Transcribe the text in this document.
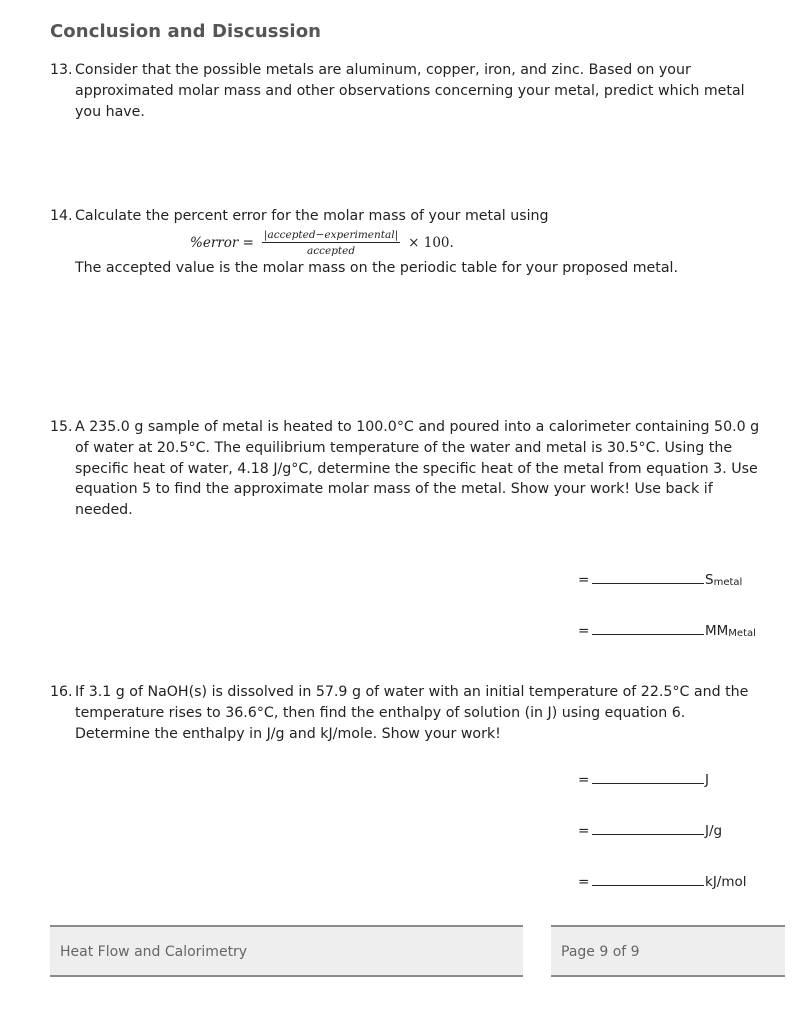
Conclusion and Discussion

13. Consider that the possible metals are aluminum, copper, iron, and zinc. Based on your approximated molar mass and other observations concerning your metal, predict which metal you have.

14. Calculate the percent error for the molar mass of your metal using

%error = $\frac{\text{|accepted−experimental|}}{\text{accepted}} \times 100$.

The accepted value is the molar mass on the periodic table for your proposed metal.

15. A 235.0 g sample of metal is heated to 100.0°C and poured into a calorimeter containing 50.0 g of water at 20.5°C. The equilibrium temperature of the water and metal is 30.5°C. Using the specific heat of water, 4.18 J/g°C, determine the specific heat of the metal from equation 3. Use equation 5 to find the approximate molar mass of the metal. Show your work! Use back if needed.

=	S metal
=	MM Metal

16. If 3.1 g of NaOH(s) is dissolved in 57.9 g of water with an initial temperature of 22.5°C and the temperature rises to 36.6°C, then find the enthalpy of solution (in J) using equation 6. Determine the enthalpy in J/g and kJ/mole. Show your work!

=	J
=	J/g
=	kJ/mol
Heat Flow and Calorimetry	Page 9 of 9
